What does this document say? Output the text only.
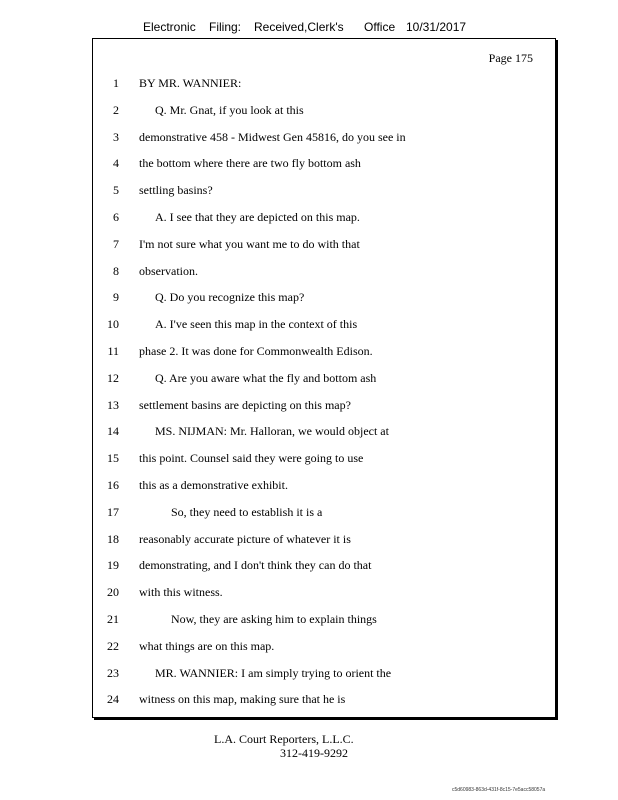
Electronic Filing: Received,Clerk's Office 10/31/2017
Page 175
1 BY MR. WANNIER:
2	Q. Mr. Gnat, if you look at this
3 demonstrative 458 - Midwest Gen 45816, do you see in
4 the bottom where there are two fly bottom ash
5 settling basins?
6	A. I see that they are depicted on this map.
7 I'm not sure what you want me to do with that
8 observation.
9	Q. Do you recognize this map?
10	A. I've seen this map in the context of this
11 phase 2. It was done for Commonwealth Edison.
12	Q. Are you aware what the fly and bottom ash
13 settlement basins are depicting on this map?
14	MS. NIJMAN: Mr. Halloran, we would object at
15 this point. Counsel said they were going to use
16 this as a demonstrative exhibit.
17	So, they need to establish it is a
18 reasonably accurate picture of whatever it is
19 demonstrating, and I don't think they can do that
20 with this witness.
21	Now, they are asking him to explain things
22 what things are on this map.
23	MR. WANNIER: I am simply trying to orient the
24 witness on this map, making sure that he is
L.A. Court Reporters, L.L.C.
312-419-9292
c5d60983-863d-431f-8c15-7e5acc58057a
